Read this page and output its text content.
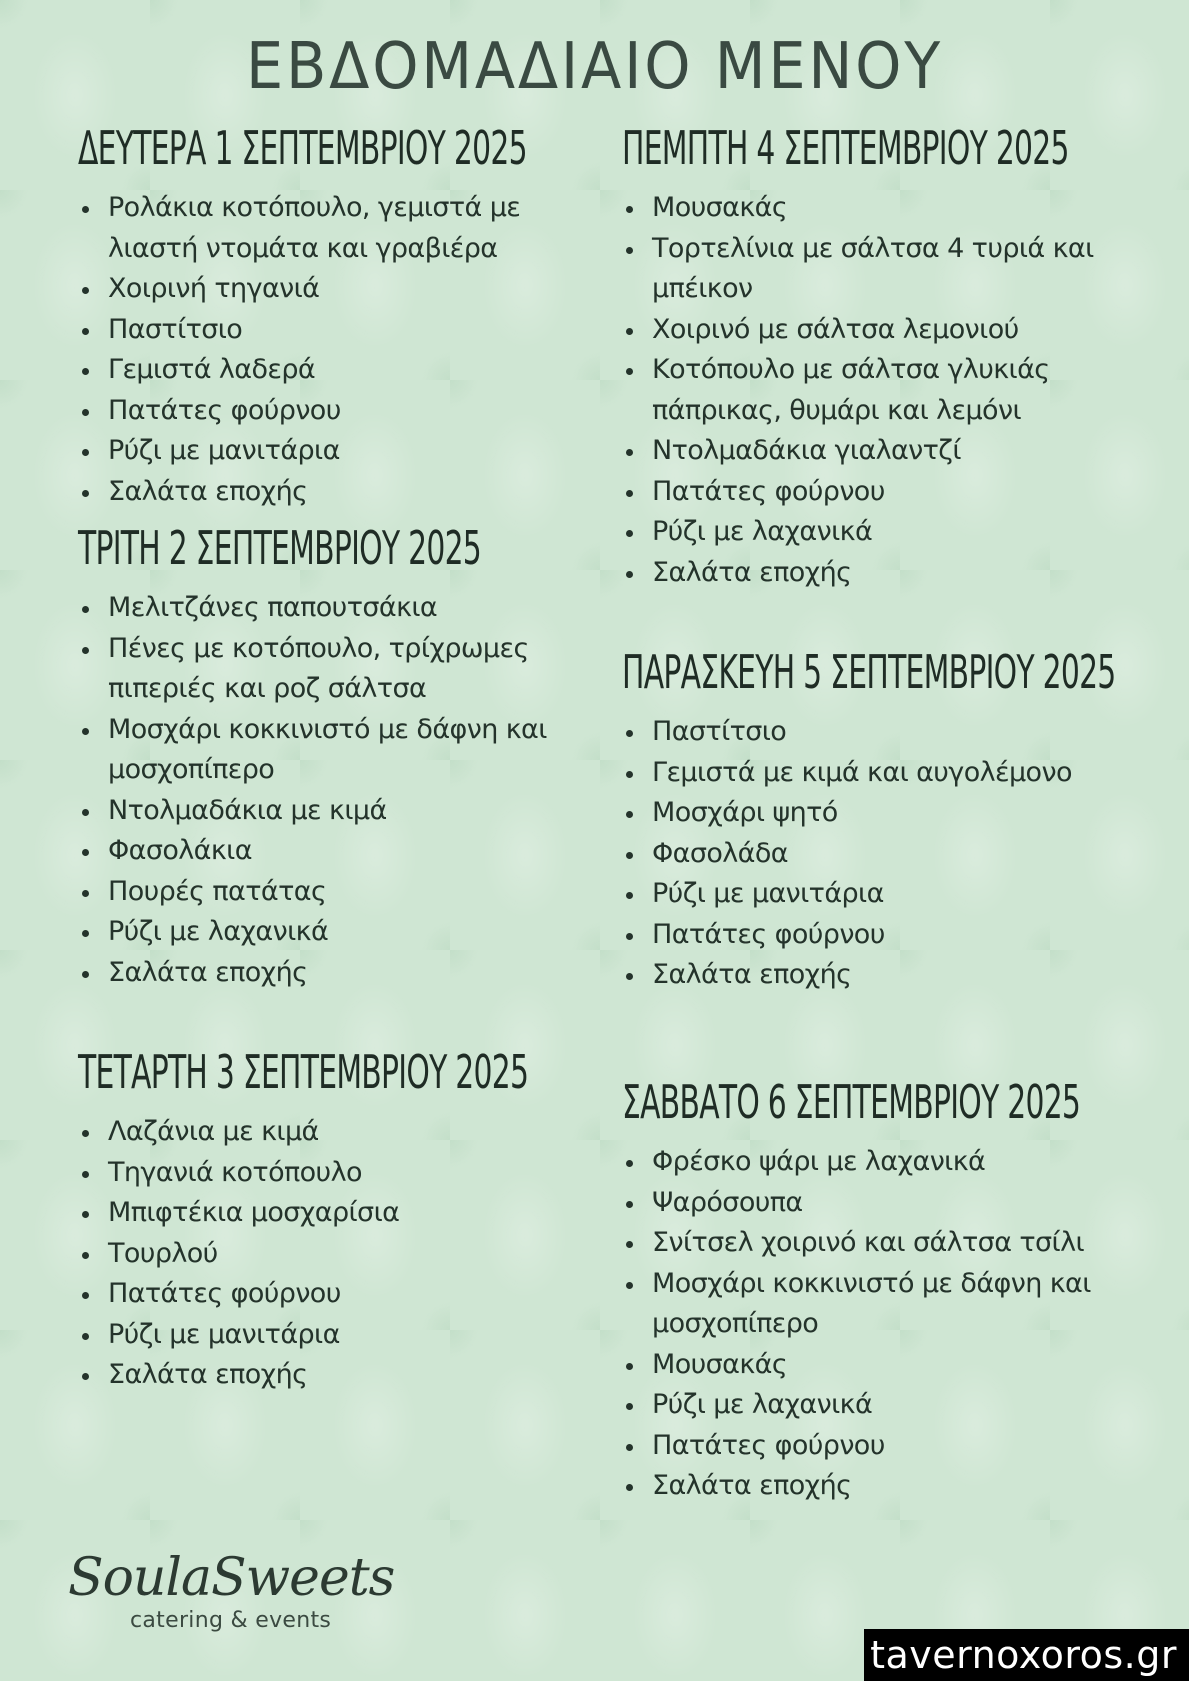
ΕΒΔΟΜΑΔΙΑΙΟ ΜΕΝΟΥ
ΔΕΥΤΕΡΑ 1 ΣΕΠΤΕΜΒΡΙΟΥ 2025
Ρολάκια κοτόπουλο, γεμιστά με λιαστή ντομάτα και γραβιέρα
Χοιρινή τηγανιά
Παστίτσιο
Γεμιστά λαδερά
Πατάτες φούρνου
Ρύζι με μανιτάρια
Σαλάτα εποχής
ΤΡΙΤΗ 2 ΣΕΠΤΕΜΒΡΙΟΥ 2025
Μελιτζάνες παπουτσάκια
Πένες με κοτόπουλο, τρίχρωμες πιπεριές και ροζ σάλτσα
Μοσχάρι κοκκινιστό με δάφνη και μοσχοπίπερο
Ντολμαδάκια με κιμά
Φασολάκια
Πουρές πατάτας
Ρύζι με λαχανικά
Σαλάτα εποχής
ΤΕΤΑΡΤΗ 3 ΣΕΠΤΕΜΒΡΙΟΥ 2025
Λαζάνια με κιμά
Τηγανιά κοτόπουλο
Μπιφτέκια μοσχαρίσια
Τουρλού
Πατάτες φούρνου
Ρύζι με μανιτάρια
Σαλάτα εποχής
ΠΕΜΠΤΗ 4 ΣΕΠΤΕΜΒΡΙΟΥ 2025
Μουσακάς
Τορτελίνια με σάλτσα 4 τυριά και μπέικον
Χοιρινό με σάλτσα λεμονιού
Κοτόπουλο με σάλτσα γλυκιάς πάπρικας, θυμάρι και λεμόνι
Ντολμαδάκια γιαλαντζί
Πατάτες φούρνου
Ρύζι με λαχανικά
Σαλάτα εποχής
ΠΑΡΑΣΚΕΥΗ 5 ΣΕΠΤΕΜΒΡΙΟΥ 2025
Παστίτσιο
Γεμιστά με κιμά και αυγολέμονο
Μοσχάρι ψητό
Φασολάδα
Ρύζι με μανιτάρια
Πατάτες φούρνου
Σαλάτα εποχής
ΣΑΒΒΑΤΟ 6 ΣΕΠΤΕΜΒΡΙΟΥ 2025
Φρέσκο ψάρι με λαχανικά
Ψαρόσουπα
Σνίτσελ χοιρινό και σάλτσα τσίλι
Μοσχάρι κοκκινιστό με δάφνη και μοσχοπίπερο
Μουσακάς
Ρύζι με λαχανικά
Πατάτες φούρνου
Σαλάτα εποχής

SoulaSweets

catering & events

tavernoxoros.gr
